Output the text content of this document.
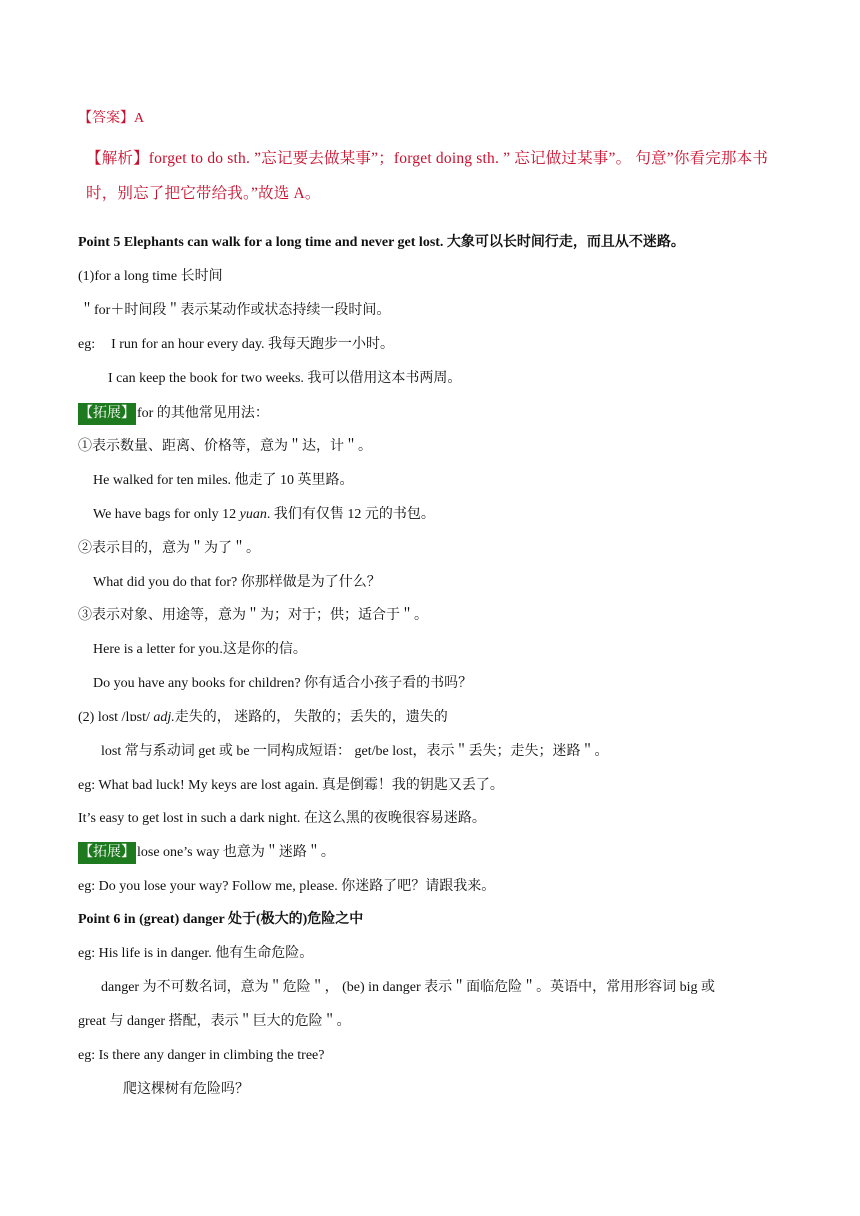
【答案】A

【解析】forget to do sth. ”忘记要去做某事”；forget doing sth. ” 忘记做过某事”。 句意”你看完那本书

时，别忘了把它带给我。”故选 A。

Point 5 Elephants can walk for a long time and never get lost. 大象可以长时间行走，而且从不迷路。

(1)for a long time 长时间

＂for＋时间段＂表示某动作或状态持续一段时间。

eg: I run for an hour every day. 我每天跑步一小时。

I can keep the book for two weeks. 我可以借用这本书两周。

【拓展】 for 的其他常见用法：

①表示数量、距离、价格等，意为＂达，计＂。

He walked for ten miles. 他走了 10 英里路。

We have bags for only 12 yuan. 我们有仅售 12 元的书包。

②表示目的，意为＂为了＂。

What did you do that for? 你那样做是为了什么？

③表示对象、用途等，意为＂为；对于；供；适合于＂。

Here is a letter for you.这是你的信。

Do you have any books for children? 你有适合小孩子看的书吗？

(2) lost /lɒst/ adj.走失的， 迷路的， 失散的；丢失的，遗失的

lost 常与系动词 get 或 be 一同构成短语： get/be lost，表示＂丢失；走失；迷路＂。

eg: What bad luck! My keys are lost again. 真是倒霉！我的钥匙又丢了。

It’s easy to get lost in such a dark night. 在这么黑的夜晚很容易迷路。

【拓展】 lose one’s way 也意为＂迷路＂。

eg: Do you lose your way? Follow me, please. 你迷路了吧？请跟我来。

Point 6 in (great) danger 处于(极大的)危险之中

eg: His life is in danger. 他有生命危险。

danger 为不可数名词，意为＂危险＂， (be) in danger 表示＂面临危险＂。英语中，常用形容词 big 或

great 与 danger 搭配，表示＂巨大的危险＂。

eg: Is there any danger in climbing the tree?

爬这棵树有危险吗？
